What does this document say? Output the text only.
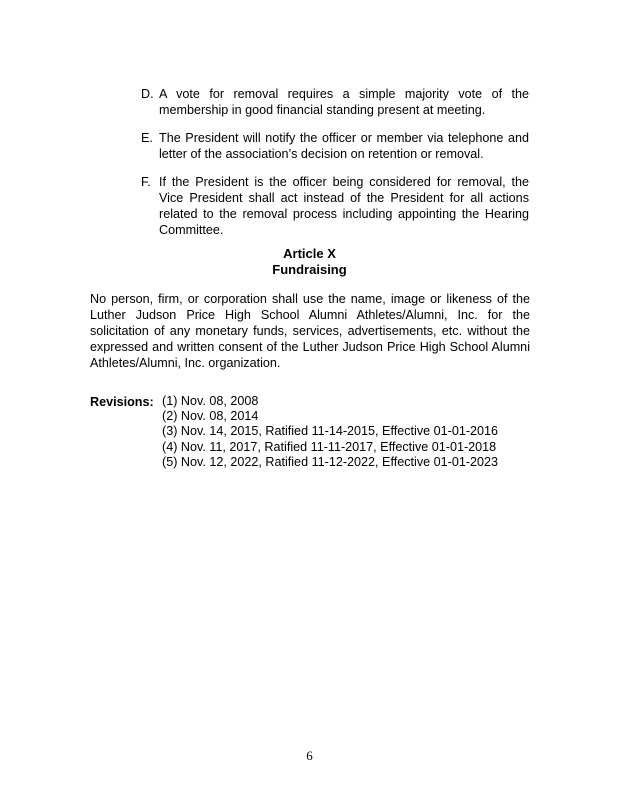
D. A vote for removal requires a simple majority vote of the membership in good financial standing present at meeting.
E. The President will notify the officer or member via telephone and letter of the association’s decision on retention or removal.
F. If the President is the officer being considered for removal, the Vice President shall act instead of the President for all actions related to the removal process including appointing the Hearing Committee.
Article X
Fundraising
No person, firm, or corporation shall use the name, image or likeness of the Luther Judson Price High School Alumni Athletes/Alumni, Inc. for the solicitation of any monetary funds, services, advertisements, etc. without the expressed and written consent of the Luther Judson Price High School Alumni Athletes/Alumni, Inc. organization.
Revisions: (1) Nov. 08, 2008
(2) Nov. 08, 2014
(3) Nov. 14, 2015, Ratified 11-14-2015, Effective 01-01-2016
(4) Nov. 11, 2017, Ratified 11-11-2017, Effective 01-01-2018
(5) Nov. 12, 2022, Ratified 11-12-2022, Effective 01-01-2023
6
